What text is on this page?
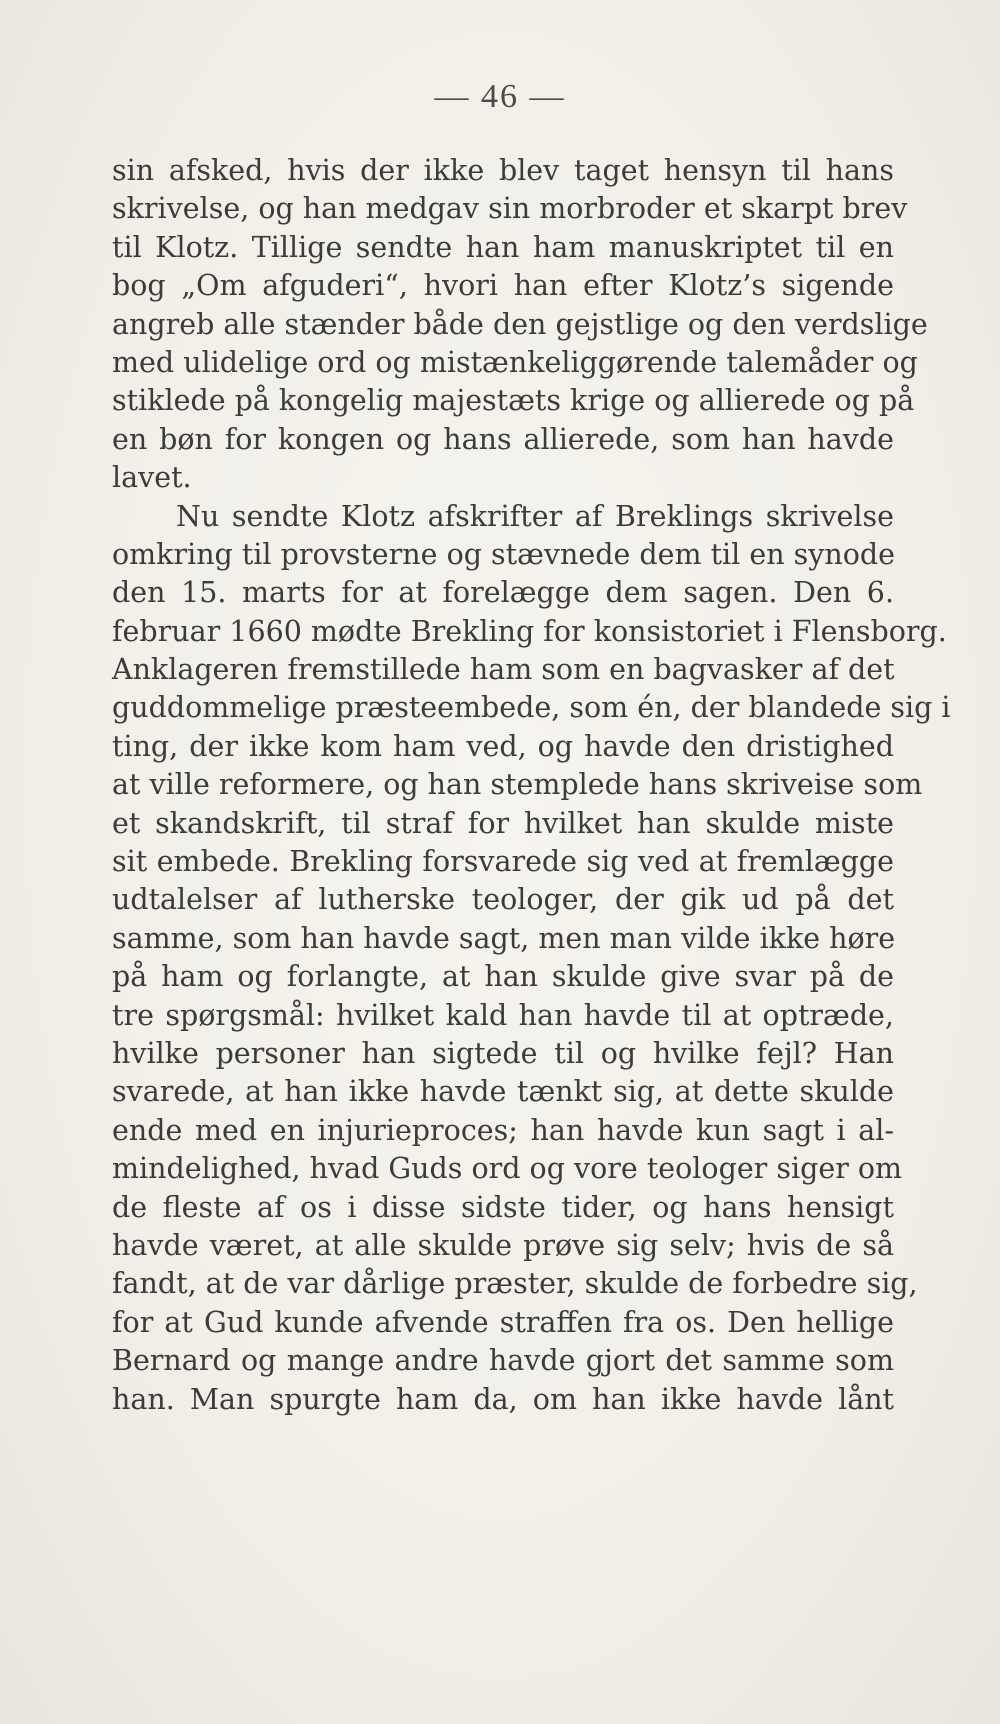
— 46 —
sin afsked, hvis der ikke blev taget hensyn til hans
skrivelse, og han medgav sin morbroder et skarpt brev
til Klotz. Tillige sendte han ham manuskriptet til en
bog „Om afguderi“, hvori han efter Klotz’s sigende
angreb alle stænder både den gejstlige og den verdslige
med ulidelige ord og mistænkeliggørende talemåder og
stiklede på kongelig majestæts krige og allierede og på
en bøn for kongen og hans allierede, som han havde
lavet.
Nu sendte Klotz afskrifter af Breklings skrivelse
omkring til provsterne og stævnede dem til en synode
den 15. marts for at forelægge dem sagen. Den 6.
februar 1660 mødte Brekling for konsistoriet i Flensborg.
Anklageren fremstillede ham som en bagvasker af det
guddommelige præsteembede, som én, der blandede sig i
ting, der ikke kom ham ved, og havde den dristighed
at ville reformere, og han stemplede hans skriveise som
et skandskrift, til straf for hvilket han skulde miste
sit embede. Brekling forsvarede sig ved at fremlægge
udtalelser af lutherske teologer, der gik ud på det
samme, som han havde sagt, men man vilde ikke høre
på ham og forlangte, at han skulde give svar på de
tre spørgsmål: hvilket kald han havde til at optræde,
hvilke personer han sigtede til og hvilke fejl? Han
svarede, at han ikke havde tænkt sig, at dette skulde
ende med en injurieproces; han havde kun sagt i al-
mindelighed, hvad Guds ord og vore teologer siger om
de fleste af os i disse sidste tider, og hans hensigt
havde været, at alle skulde prøve sig selv; hvis de så
fandt, at de var dårlige præster, skulde de forbedre sig,
for at Gud kunde afvende straffen fra os. Den hellige
Bernard og mange andre havde gjort det samme som
han. Man spurgte ham da, om han ikke havde lånt
